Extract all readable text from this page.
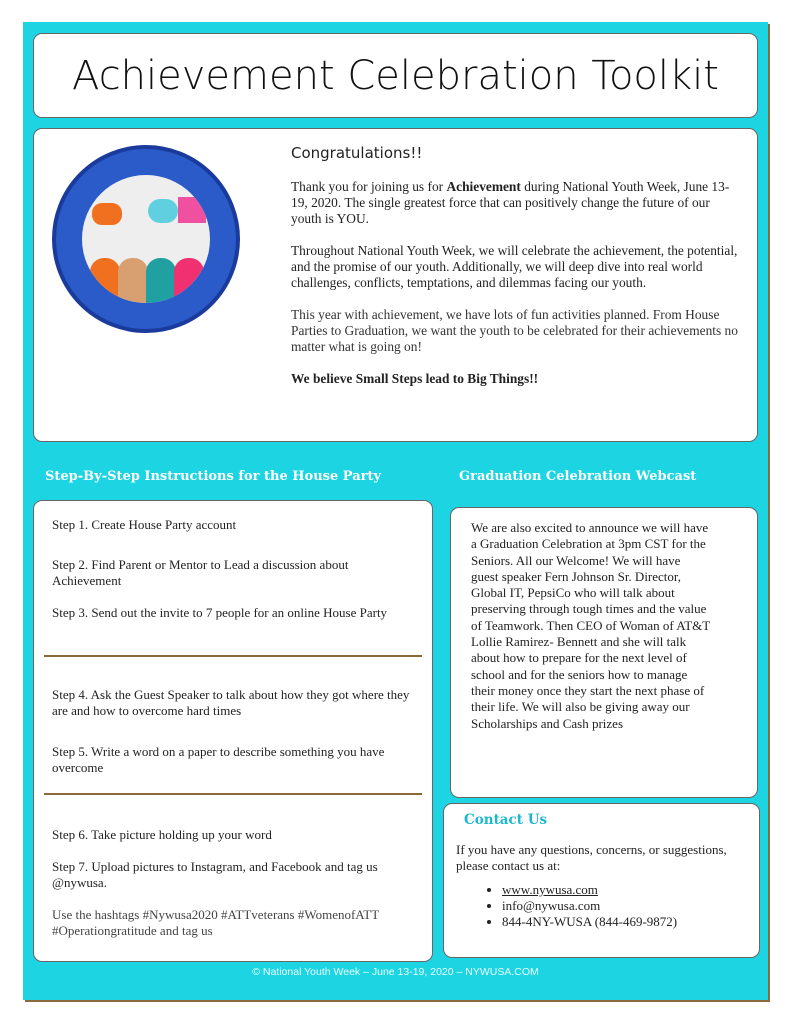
Achievement Celebration Toolkit
Congratulations!!

Thank you for joining us for Achievement during National Youth Week, June 13-19, 2020. The single greatest force that can positively change the future of our youth is YOU.

Throughout National Youth Week, we will celebrate the achievement, the potential, and the promise of our youth. Additionally, we will deep dive into real world challenges, conflicts, temptations, and dilemmas facing our youth.

This year with achievement, we have lots of fun activities planned. From House Parties to Graduation, we want the youth to be celebrated for their achievements no matter what is going on!

We believe Small Steps lead to Big Things!!

Step-By-Step Instructions for the House Party	Graduation Celebration Webcast
Step 1. Create House Party account
Step 2. Find Parent or Mentor to Lead a discussion about Achievement
Step 3. Send out the invite to 7 people for an online House Party
Step 4. Ask the Guest Speaker to talk about how they got where they are and how to overcome hard times
Step 5. Write a word on a paper to describe something you have overcome
Step 6. Take picture holding up your word
Step 7. Upload pictures to Instagram, and Facebook and tag us @nywusa.
Use the hashtags #Nywusa2020 #ATTveterans #WomenofATT #Operationgratitude and tag us

We are also excited to announce we will have a Graduation Celebration at 3pm CST for the Seniors. All our Welcome! We will have guest speaker Fern Johnson Sr. Director, Global IT, PepsiCo who will talk about preserving through tough times and the value of Teamwork. Then CEO of Woman of AT&T Lollie Ramirez- Bennett and she will talk about how to prepare for the next level of school and for the seniors how to manage their money once they start the next phase of their life. We will also be giving away our Scholarships and Cash prizes

Contact Us
If you have any questions, concerns, or suggestions, please contact us at:
• www.nywusa.com
• info@nywusa.com
• 844-4NY-WUSA (844-469-9872)
© National Youth Week – June 13-19, 2020 – NYWUSA.COM
